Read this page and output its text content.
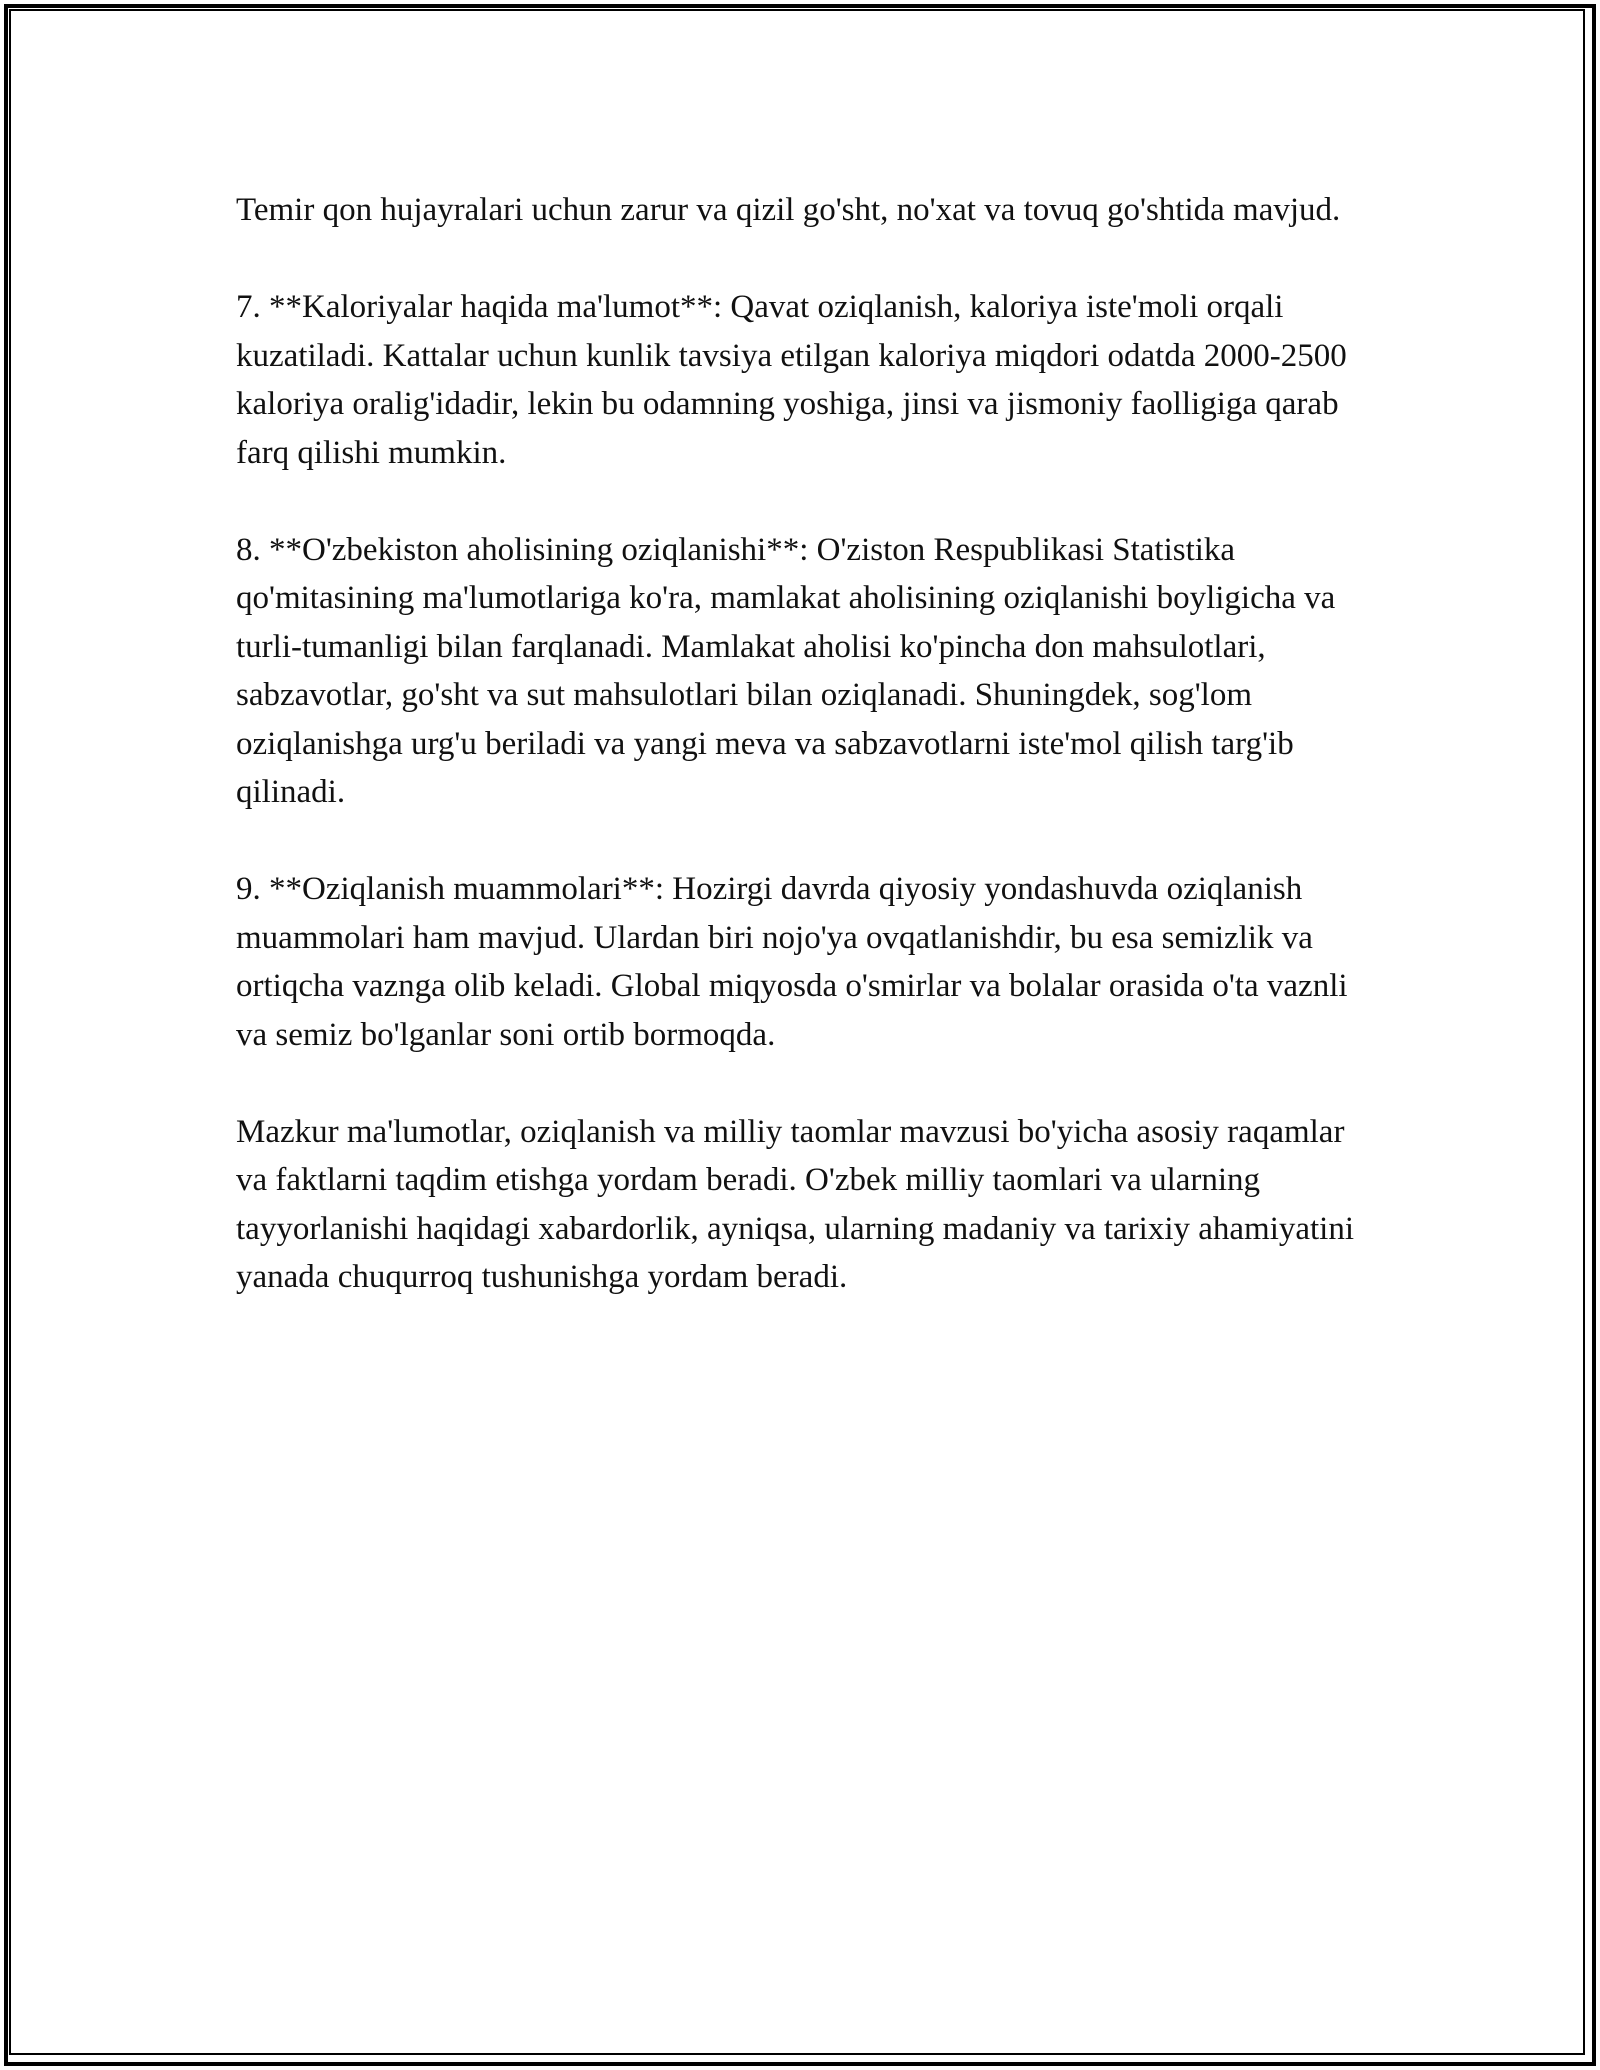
Temir qon hujayralari uchun zarur va qizil go'sht, no'xat va tovuq go'shtida mavjud.

7. **Kaloriyalar haqida ma'lumot**: Qavat oziqlanish, kaloriya iste'moli orqali kuzatiladi. Kattalar uchun kunlik tavsiya etilgan kaloriya miqdori odatda 2000-2500 kaloriya oralig'idadir, lekin bu odamning yoshiga, jinsi va jismoniy faolligiga qarab farq qilishi mumkin.

8. **O'zbekiston aholisining oziqlanishi**: O'ziston Respublikasi Statistika qo'mitasining ma'lumotlariga ko'ra, mamlakat aholisining oziqlanishi boyligicha va turli-tumanligi bilan farqlanadi. Mamlakat aholisi ko'pincha don mahsulotlari, sabzavotlar, go'sht va sut mahsulotlari bilan oziqlanadi. Shuningdek, sog'lom oziqlanishga urg'u beriladi va yangi meva va sabzavotlarni iste'mol qilish targ'ib qilinadi.

9. **Oziqlanish muammolari**: Hozirgi davrda qiyosiy yondashuvda oziqlanish muammolari ham mavjud. Ulardan biri nojo'ya ovqatlanishdir, bu esa semizlik va ortiqcha vaznga olib keladi. Global miqyosda o'smirlar va bolalar orasida o'ta vaznli va semiz bo'lganlar soni ortib bormoqda.

Mazkur ma'lumotlar, oziqlanish va milliy taomlar mavzusi bo'yicha asosiy raqamlar va faktlarni taqdim etishga yordam beradi. O'zbek milliy taomlari va ularning tayyorlanishi haqidagi xabardorlik, ayniqsa, ularning madaniy va tarixiy ahamiyatini yanada chuqurroq tushunishga yordam beradi.
